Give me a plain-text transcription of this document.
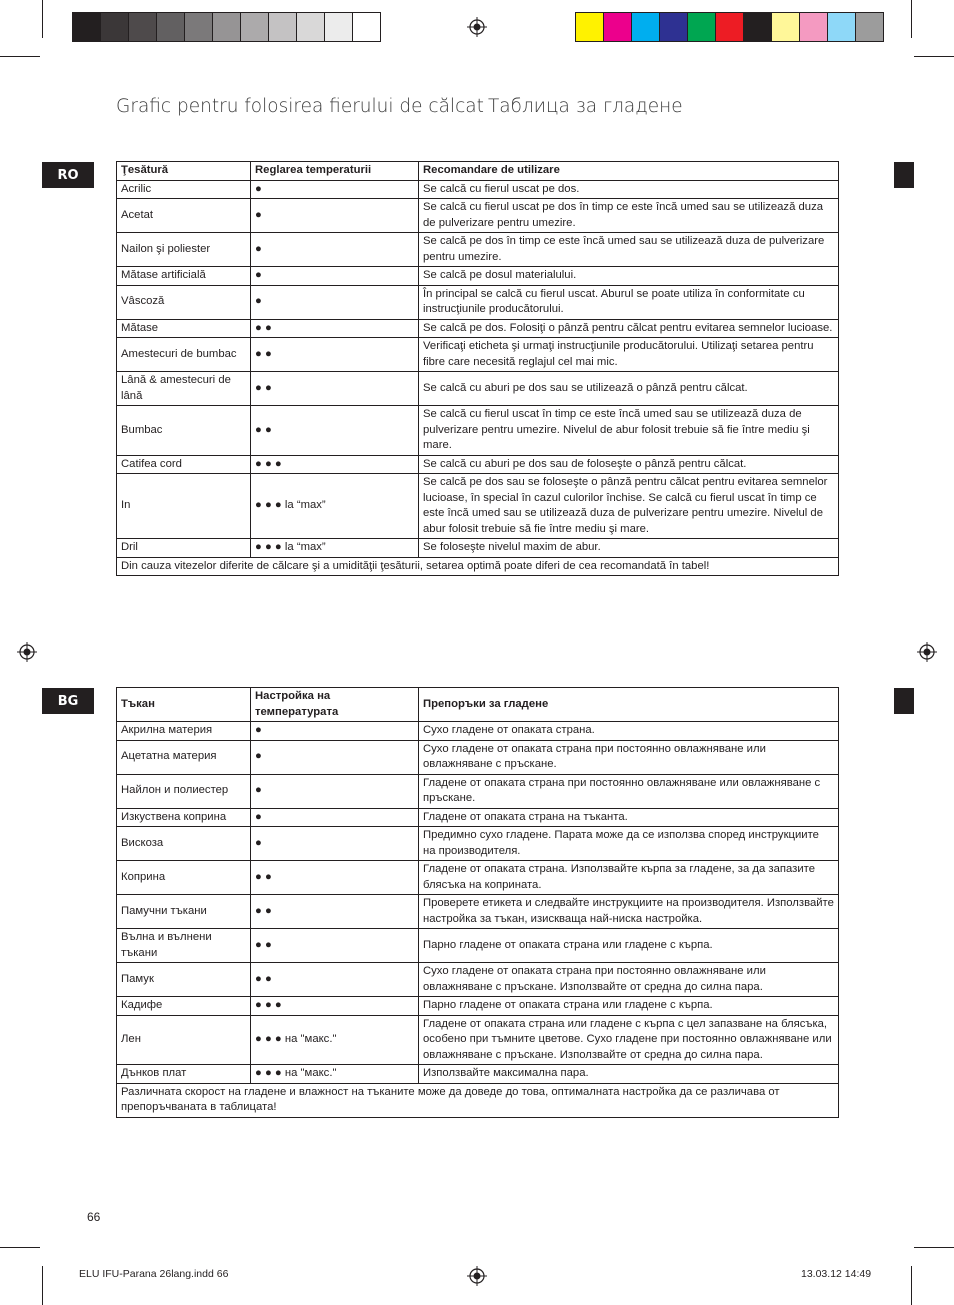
Grafic pentru folosirea fierului de călcat Таблица за гладене
RO
BG
Ţesătură	Reglarea temperaturii	Recomandare de utilizare
Acrilic	●	Se calcă cu fierul uscat pe dos.
Acetat	●	Se calcă cu fierul uscat pe dos în timp ce este încă umed sau se utilizează duza de pulverizare pentru umezire.
Nailon şi poliester	●	Se calcă pe dos în timp ce este încă umed sau se utilizează duza de pulverizare pentru umezire.
Mătase artificială	●	Se calcă pe dosul materialului.
Vâscoză	●	În principal se calcă cu fierul uscat. Aburul se poate utiliza în conformitate cu instrucţiunile producătorului.
Mătase	● ●	Se calcă pe dos. Folosiţi o pânză pentru călcat pentru evitarea semnelor lucioase.
Amestecuri de bumbac	● ●	Verificaţi eticheta şi urmaţi instrucţiunile producătorului. Utilizaţi setarea pentru fibre care necesită reglajul cel mai mic.
Lână & amestecuri de lână	● ●	Se calcă cu aburi pe dos sau se utilizează o pânză pentru călcat.
Bumbac	● ●	Se calcă cu fierul uscat în timp ce este încă umed sau se utilizează duza de pulverizare pentru umezire. Nivelul de abur folosit trebuie să fie între mediu şi mare.
Catifea cord	● ● ●	Se calcă cu aburi pe dos sau de foloseşte o pânză pentru călcat.
In	● ● ● la “max”	Se calcă pe dos sau se foloseşte o pânză pentru călcat pentru evitarea semnelor lucioase, în special în cazul culorilor închise. Se calcă cu fierul uscat în timp ce este încă umed sau se utilizează duza de pulverizare pentru umezire. Nivelul de abur folosit trebuie să fie între mediu şi mare.
Dril	● ● ● la “max”	Se foloseşte nivelul maxim de abur.
Din cauza vitezelor diferite de călcare şi a umidităţii ţesăturii, setarea optimă poate diferi de cea recomandată în tabel!		
Тъкан	Настройка на температурата	Препоръки за гладене
Акрилна материя	●	Сухо гладене от опаката страна.
Ацетатна материя	●	Сухо гладене от опаката страна при постоянно овлажняване или овлажняване с пръскане.
Найлон и полиестер	●	Гладене от опаката страна при постоянно овлажняване или овлажняване с пръскане.
Изкуствена коприна	●	Гладене от опаката страна на тъканта.
Вискоза	●	Предимно сухо гладене. Парата може да се използва според инструкциите на производителя.
Коприна	● ●	Гладене от опаката страна. Използвайте кърпа за гладене, за да запазите блясъка на коприната.
Памучни тъкани	● ●	Проверете етикета и следвайте инструкциите на производителя. Използвайте настройка за тъкан, изискваща най-ниска настройка.
Вълна и вълнени тъкани	● ●	Парно гладене от опаката страна или гладене с кърпа.
Памук	● ●	Сухо гладене от опаката страна при постоянно овлажняване или овлажняване с пръскане. Използвайте от средна до силна пара.
Кадифе	● ● ●	Парно гладене от опаката страна или гладене с кърпа.
Лен	● ● ● на "макс."	Гладене от опаката страна или гладене с кърпа с цел запазване на блясъка, особено при тъмните цветове. Сухо гладене при постоянно овлажняване или овлажняване с пръскане. Използвайте от средна до силна пара.
Дънков плат	● ● ● на "макс."	Използвайте максимална пара.
Различната скорост на гладене и влажност на тъканите може да доведе до това, оптималната настройка да се различава от препоръчваната в таблицата!		
66
ELU IFU-Parana 26lang.indd 66	13.03.12 14:49
